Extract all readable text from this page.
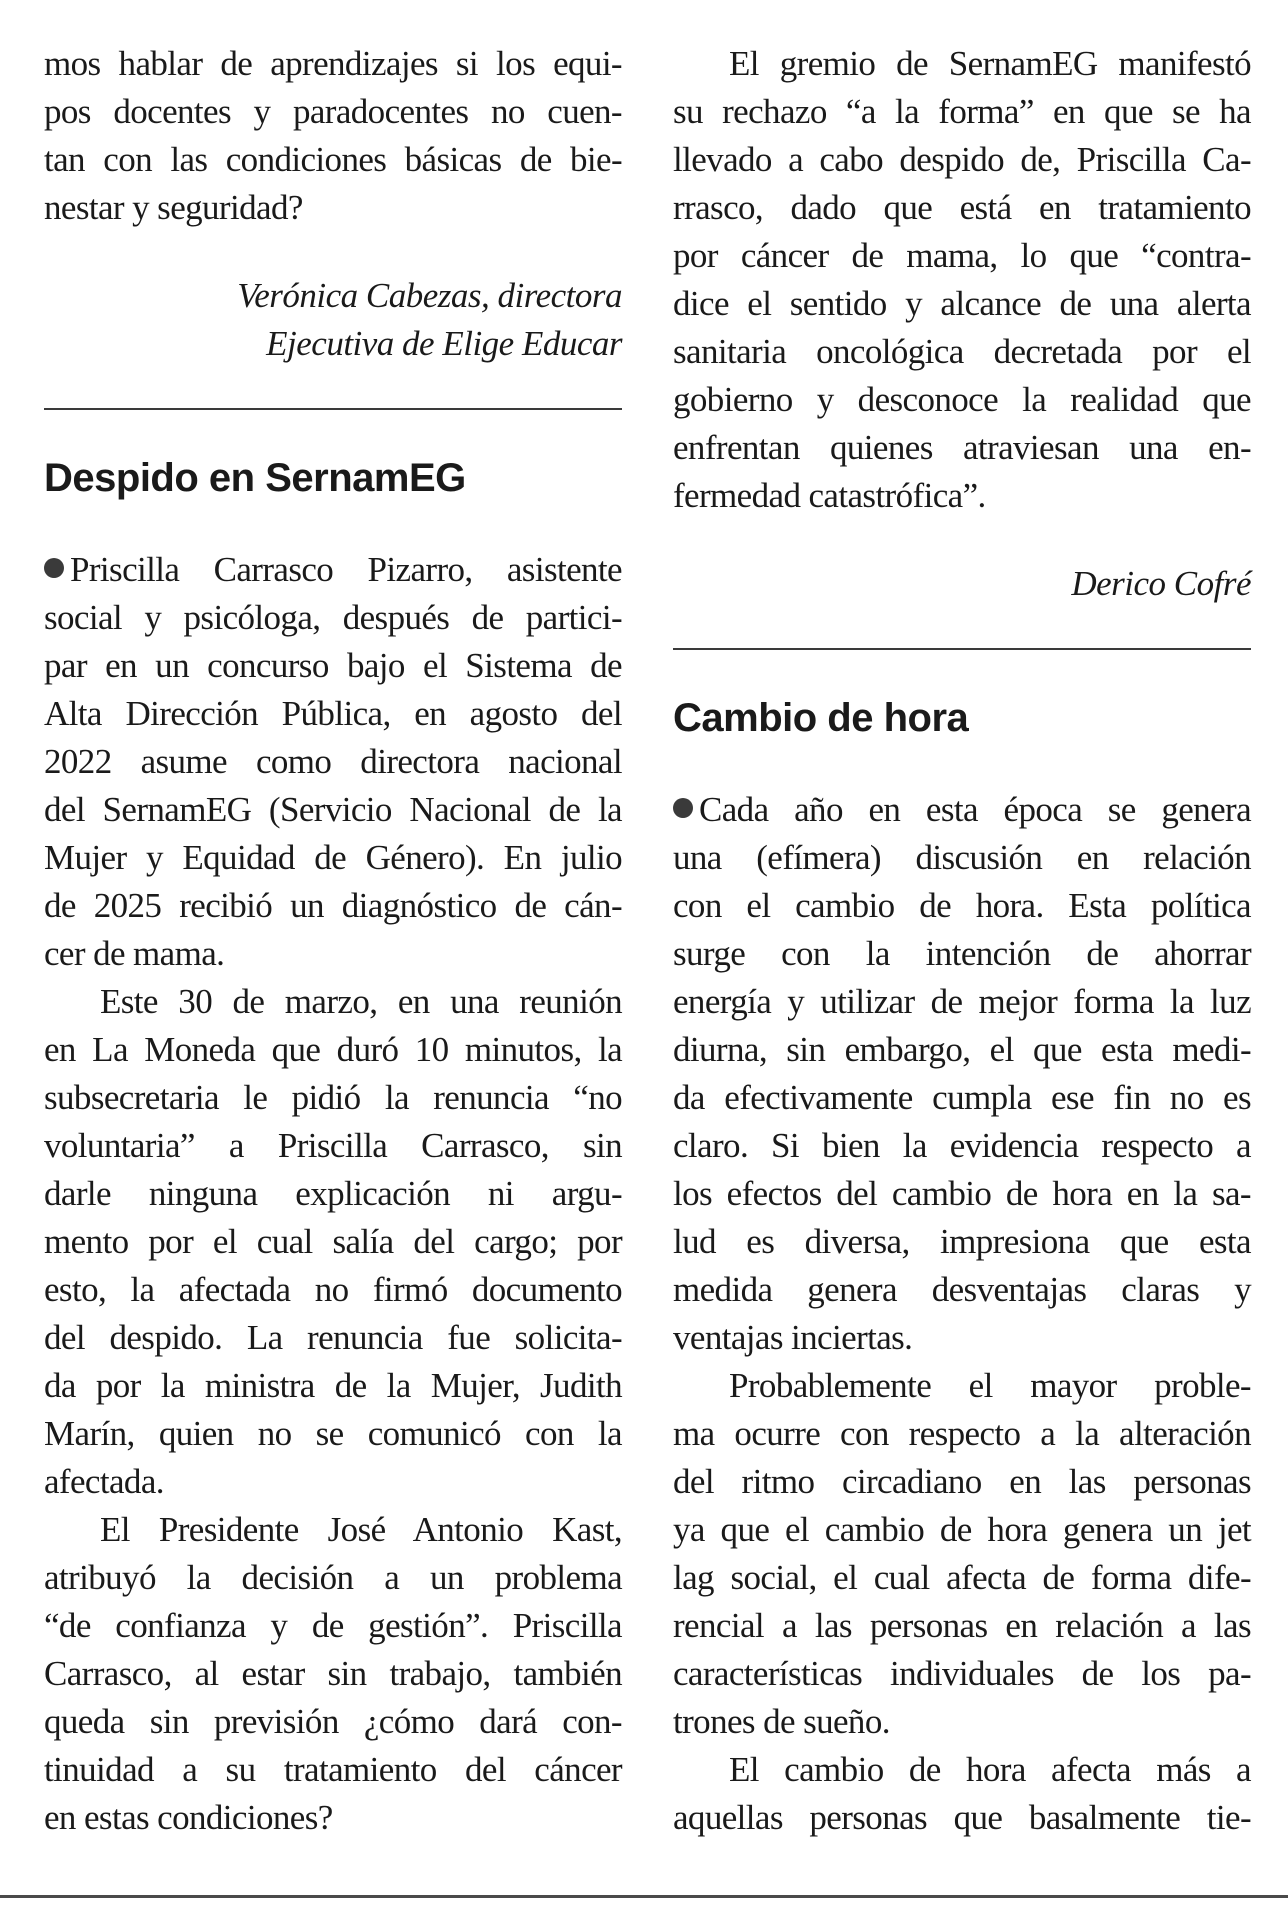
mos hablar de aprendizajes si los equi-
pos docentes y paradocentes no cuen-
tan con las condiciones básicas de bie-
nestar y seguridad?
Verónica Cabezas, directora
Ejecutiva de Elige Educar
Despido en SernamEG
Priscilla Carrasco Pizarro, asistente
social y psicóloga, después de partici-
par en un concurso bajo el Sistema de
Alta Dirección Pública, en agosto del
2022 asume como directora nacional
del SernamEG (Servicio Nacional de la
Mujer y Equidad de Género). En julio
de 2025 recibió un diagnóstico de cán-
cer de mama.
Este 30 de marzo, en una reunión
en La Moneda que duró 10 minutos, la
subsecretaria le pidió la renuncia “no
voluntaria” a Priscilla Carrasco, sin
darle ninguna explicación ni argu-
mento por el cual salía del cargo; por
esto, la afectada no firmó documento
del despido. La renuncia fue solicita-
da por la ministra de la Mujer, Judith
Marín, quien no se comunicó con la
afectada.
El Presidente José Antonio Kast,
atribuyó la decisión a un problema
“de confianza y de gestión”. Priscilla
Carrasco, al estar sin trabajo, también
queda sin previsión ¿cómo dará con-
tinuidad a su tratamiento del cáncer
en estas condiciones?
El gremio de SernamEG manifestó
su rechazo “a la forma” en que se ha
llevado a cabo despido de, Priscilla Ca-
rrasco, dado que está en tratamiento
por cáncer de mama, lo que “contra-
dice el sentido y alcance de una alerta
sanitaria oncológica decretada por el
gobierno y desconoce la realidad que
enfrentan quienes atraviesan una en-
fermedad catastrófica”.
Derico Cofré
Cambio de hora
Cada año en esta época se genera
una (efímera) discusión en relación
con el cambio de hora. Esta política
surge con la intención de ahorrar
energía y utilizar de mejor forma la luz
diurna, sin embargo, el que esta medi-
da efectivamente cumpla ese fin no es
claro. Si bien la evidencia respecto a
los efectos del cambio de hora en la sa-
lud es diversa, impresiona que esta
medida genera desventajas claras y
ventajas inciertas.
Probablemente el mayor proble-
ma ocurre con respecto a la alteración
del ritmo circadiano en las personas
ya que el cambio de hora genera un jet
lag social, el cual afecta de forma dife-
rencial a las personas en relación a las
características individuales de los pa-
trones de sueño.
El cambio de hora afecta más a
aquellas personas que basalmente tie-
